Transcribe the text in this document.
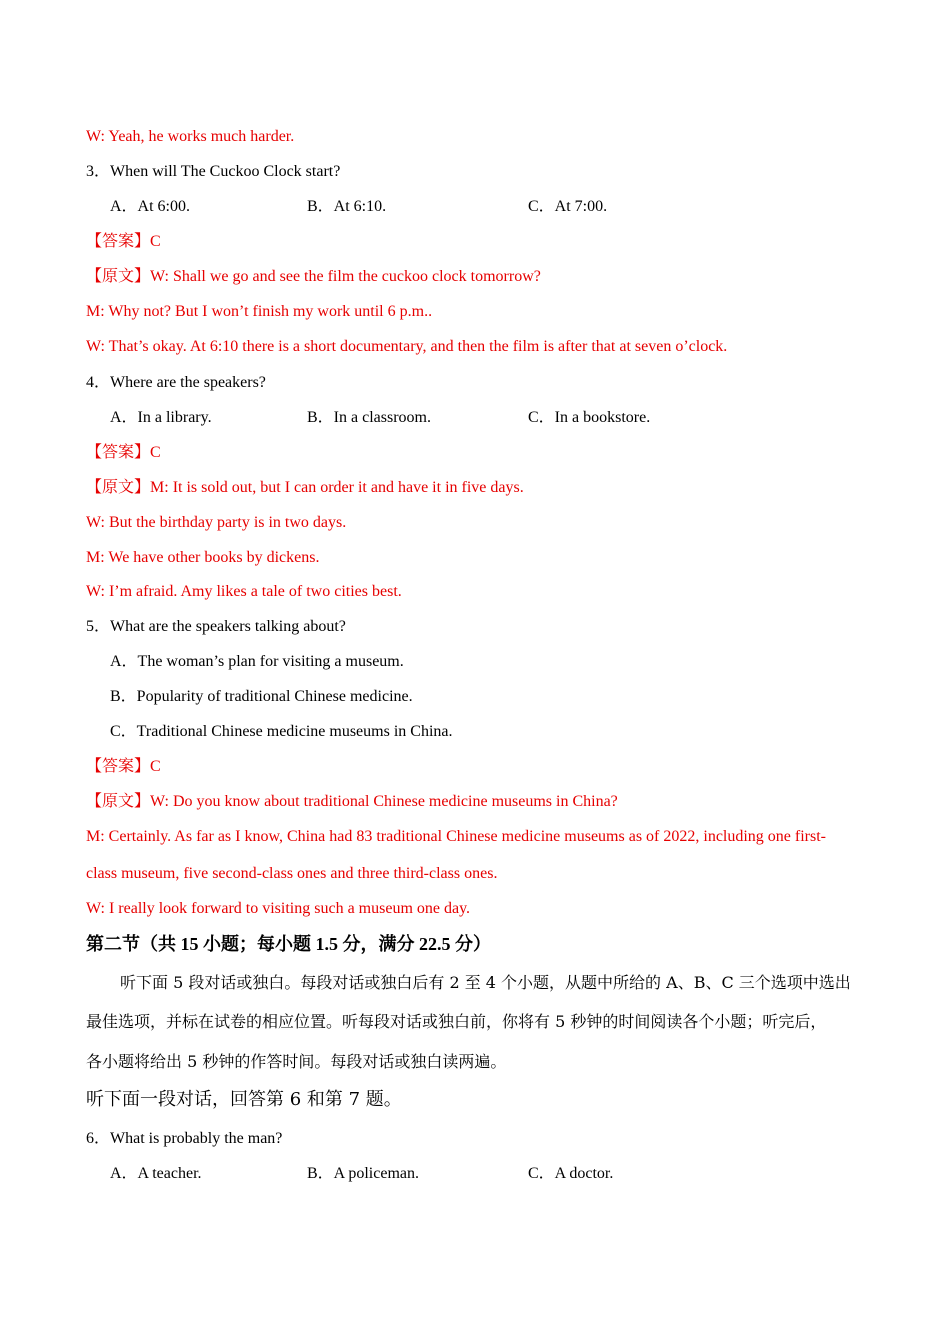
W: Yeah, he works much harder.
3．When will The Cuckoo Clock start?
A．At 6:00.	B．At 6:10.	C．At 7:00.
【答案】C
【原文】W: Shall we go and see the film the cuckoo clock tomorrow?
M: Why not? But I won’t finish my work until 6 p.m..
W: That’s okay. At 6:10 there is a short documentary, and then the film is after that at seven o’clock.
4．Where are the speakers?
A．In a library.	B．In a classroom.	C．In a bookstore.
【答案】C
【原文】M: It is sold out, but I can order it and have it in five days.
W: But the birthday party is in two days.
M: We have other books by dickens.
W: I’m afraid. Amy likes a tale of two cities best.
5．What are the speakers talking about?
A．The woman’s plan for visiting a museum.
B．Popularity of traditional Chinese medicine.
C．Traditional Chinese medicine museums in China.
【答案】C
【原文】W: Do you know about traditional Chinese medicine museums in China?
M: Certainly. As far as I know, China had 83 traditional Chinese medicine museums as of 2022, including one first-
class museum, five second-class ones and three third-class ones.
W: I really look forward to visiting such a museum one day.
第二节（共 15 小题；每小题 1.5 分，满分 22.5 分）
听下面 5 段对话或独白。每段对话或独白后有 2 至 4 个小题，从题中所给的 A、B、C 三个选项中选出
最佳选项，并标在试卷的相应位置。听每段对话或独白前，你将有 5 秒钟的时间阅读各个小题；听完后，
各小题将给出 5 秒钟的作答时间。每段对话或独白读两遍。
听下面一段对话，回答第 6 和第 7 题。
6．What is probably the man?
A．A teacher.	B．A policeman.	C．A doctor.
